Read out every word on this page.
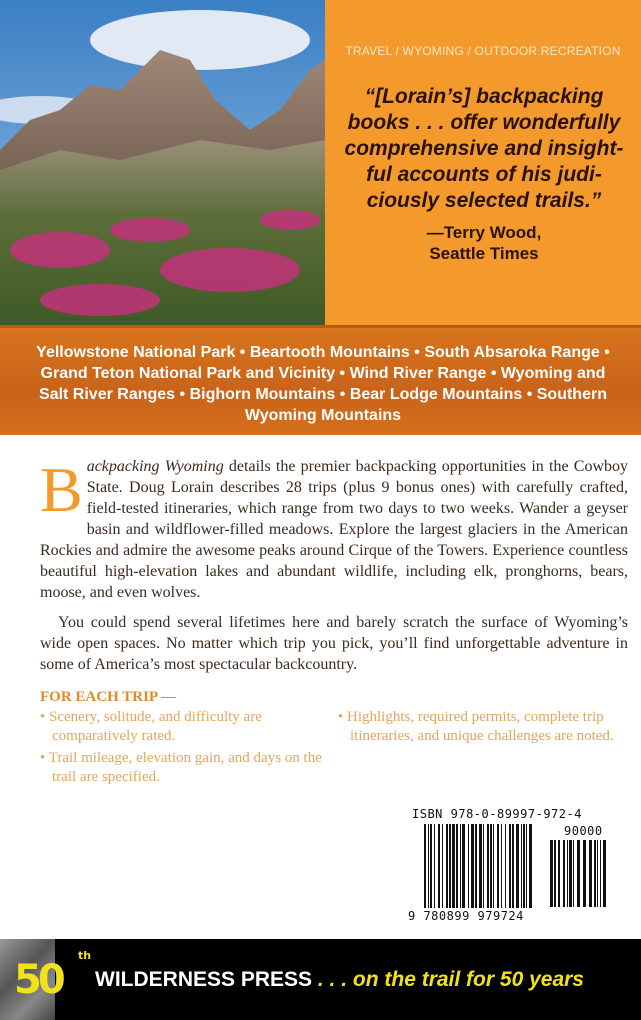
TRAVEL / WYOMING / OUTDOOR RECREATION
“[Lorain’s] backpacking books . . . offer wonderfully comprehensive and insight-ful accounts of his judi-ciously selected trails.”
—Terry Wood,
Seattle Times

Yellowstone National Park • Beartooth Mountains • South Absaroka Range • Grand Teton National Park and Vicinity • Wind River Range • Wyoming and Salt River Ranges • Bighorn Mountains • Bear Lodge Mountains • Southern Wyoming Mountains

Backpacking Wyoming details the premier backpacking opportunities in the Cowboy State. Doug Lorain describes 28 trips (plus 9 bonus ones) with carefully crafted, field-tested itineraries, which range from two days to two weeks. Wander a geyser basin and wildflower-filled meadows. Explore the largest glaciers in the American Rockies and admire the awesome peaks around Cirque of the Towers. Experience countless beautiful high-elevation lakes and abundant wildlife, including elk, pronghorns, bears, moose, and even wolves.

You could spend several lifetimes here and barely scratch the surface of Wyoming’s wide open spaces. No matter which trip you pick, you’ll find unforgettable adventure in some of America’s most spectacular backcountry.

FOR EACH TRIP —
• Scenery, solitude, and difficulty are comparatively rated.
• Trail mileage, elevation gain, and days on the trail are specified.
• Highlights, required permits, complete trip itineraries, and unique challenges are noted.
ISBN 978-0-89997-972-4
90000
9 780899 979724
50
th
WILDERNESS PRESS . . . on the trail for 50 years
